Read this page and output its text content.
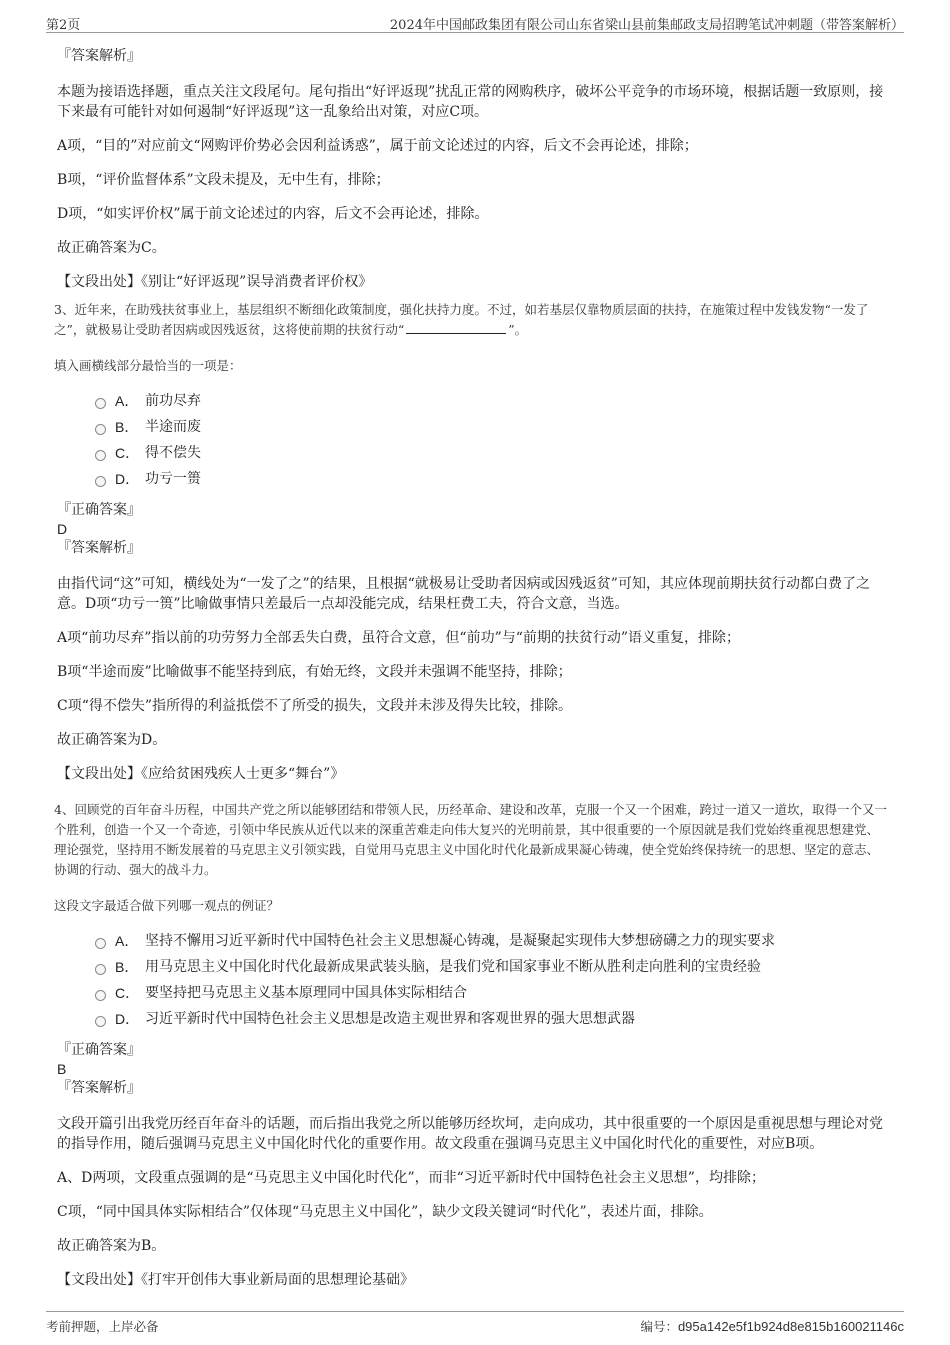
第2页	2024年中国邮政集团有限公司山东省梁山县前集邮政支局招聘笔试冲刺题（带答案解析）
『答案解析』
本题为接语选择题，重点关注文段尾句。尾句指出“好评返现”扰乱正常的网购秩序，破坏公平竞争的市场环境，根据话题一致原则，接下来最有可能针对如何遏制“好评返现”这一乱象给出对策，对应C项。
A项，“目的”对应前文“网购评价势必会因利益诱惑”，属于前文论述过的内容，后文不会再论述，排除；
B项，“评价监督体系”文段未提及，无中生有，排除；
D项，“如实评价权”属于前文论述过的内容，后文不会再论述，排除。
故正确答案为C。
【文段出处】《别让“好评返现”误导消费者评价权》
3、近年来，在助残扶贫事业上，基层组织不断细化政策制度，强化扶持力度。不过，如若基层仅靠物质层面的扶持，在施策过程中发钱发物“一发了之”，就极易让受助者因病或因残返贫，这将使前期的扶贫行动“	”。
填入画横线部分最恰当的一项是：
A． 前功尽弃
B． 半途而废
C． 得不偿失
D． 功亏一篑
『正确答案』
D
『答案解析』
由指代词“这”可知，横线处为“一发了之”的结果，且根据“就极易让受助者因病或因残返贫”可知，其应体现前期扶贫行动都白费了之意。D项“功亏一篑”比喻做事情只差最后一点却没能完成，结果枉费工夫，符合文意，当选。
A项“前功尽弃”指以前的功劳努力全部丢失白费，虽符合文意，但“前功”与“前期的扶贫行动”语义重复，排除；
B项“半途而废”比喻做事不能坚持到底，有始无终，文段并未强调不能坚持，排除；
C项“得不偿失”指所得的利益抵偿不了所受的损失，文段并未涉及得失比较，排除。
故正确答案为D。
【文段出处】《应给贫困残疾人士更多“舞台”》
4、回顾党的百年奋斗历程，中国共产党之所以能够团结和带领人民，历经革命、建设和改革，克服一个又一个困难，跨过一道又一道坎，取得一个又一个胜利，创造一个又一个奇迹，引领中华民族从近代以来的深重苦难走向伟大复兴的光明前景，其中很重要的一个原因就是我们党始终重视思想建党、理论强党，坚持用不断发展着的马克思主义引领实践，自觉用马克思主义中国化时代化最新成果凝心铸魂，使全党始终保持统一的思想、坚定的意志、协调的行动、强大的战斗力。
这段文字最适合做下列哪一观点的例证？
A． 坚持不懈用习近平新时代中国特色社会主义思想凝心铸魂，是凝聚起实现伟大梦想磅礴之力的现实要求
B． 用马克思主义中国化时代化最新成果武装头脑，是我们党和国家事业不断从胜利走向胜利的宝贵经验
C． 要坚持把马克思主义基本原理同中国具体实际相结合
D． 习近平新时代中国特色社会主义思想是改造主观世界和客观世界的强大思想武器
『正确答案』
B
『答案解析』
文段开篇引出我党历经百年奋斗的话题，而后指出我党之所以能够历经坎坷，走向成功，其中很重要的一个原因是重视思想与理论对党的指导作用，随后强调马克思主义中国化时代化的重要作用。故文段重在强调马克思主义中国化时代化的重要性，对应B项。
A、D两项，文段重点强调的是“马克思主义中国化时代化”，而非“习近平新时代中国特色社会主义思想”，均排除；
C项，“同中国具体实际相结合”仅体现“马克思主义中国化”，缺少文段关键词“时代化”，表述片面，排除。
故正确答案为B。
【文段出处】《打牢开创伟大事业新局面的思想理论基础》
考前押题，上岸必备	编号：d95a142e5f1b924d8e815b160021146c
